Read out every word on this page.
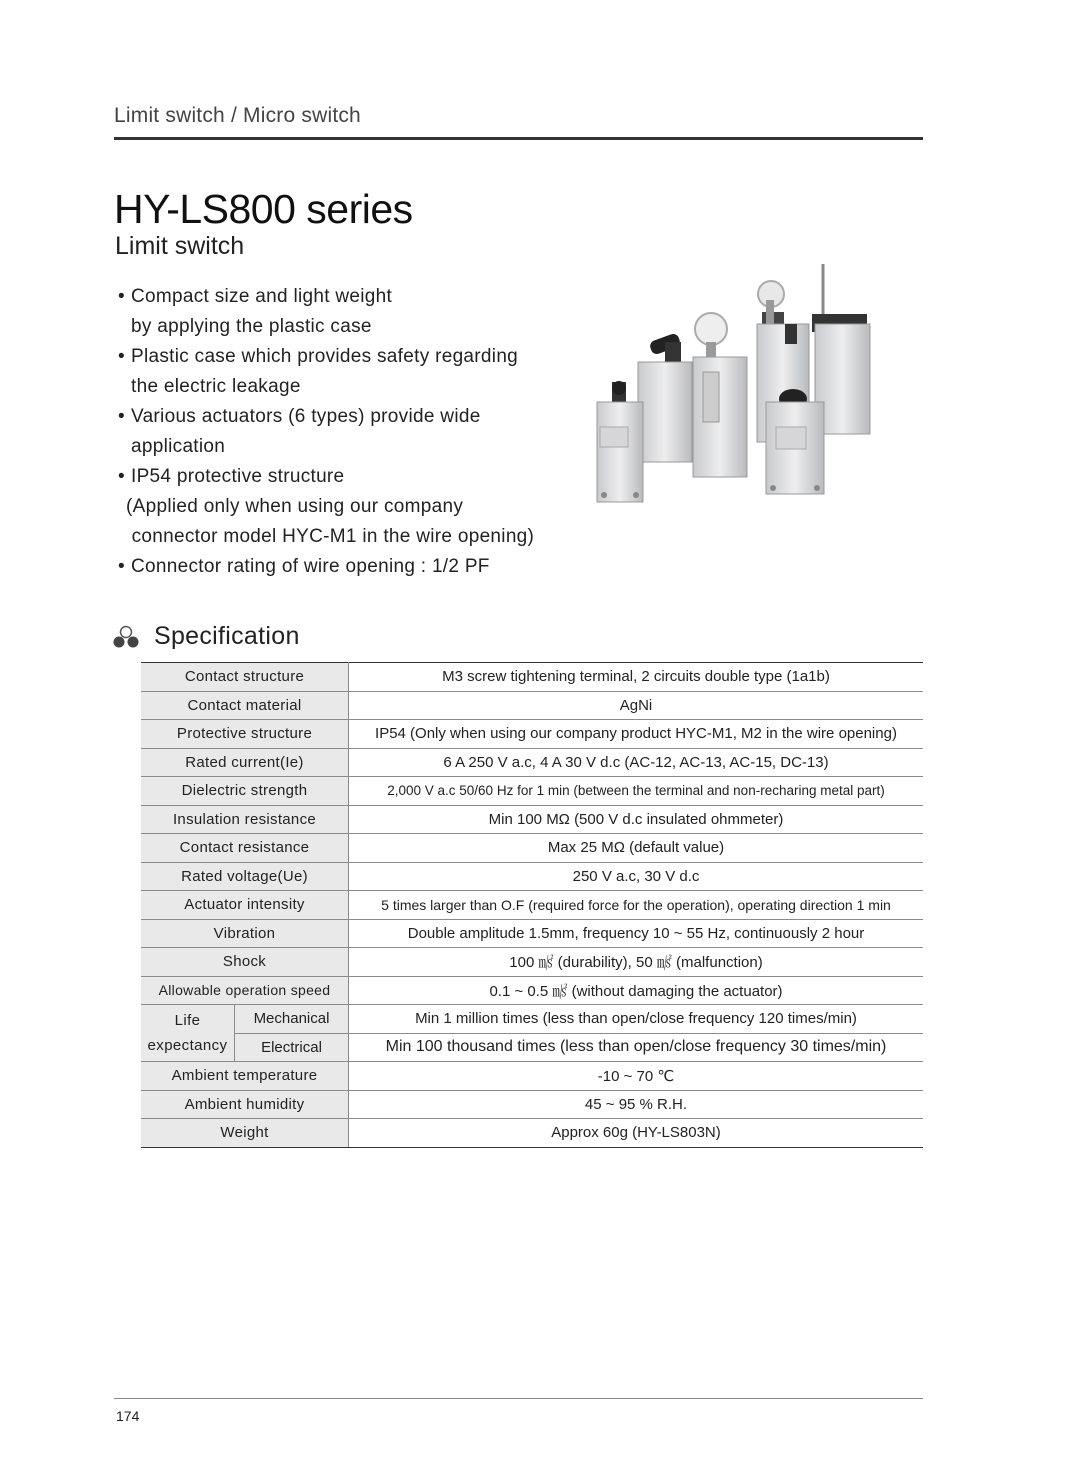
Limit switch / Micro switch
HY-LS800 series
Limit switch
• Compact size and light weight
by applying the plastic case
• Plastic case which provides safety regarding
the electric leakage
• Various actuators (6 types) provide wide
application
• IP54 protective structure
(Applied only when using our company
connector model HYC-M1 in the wire opening)
• Connector rating of wire opening : 1/2 PF
Specification
Contact structure		M3 screw tightening terminal, 2 circuits double type (1a1b)
Contact material		AgNi
Protective structure		IP54 (Only when using our company product HYC-M1, M2 in the wire opening)
Rated current(Ie)		6 A 250 V a.c, 4 A 30 V d.c (AC-12, AC-13, AC-15, DC-13)
Dielectric strength		2,000 V a.c 50/60 Hz for 1 min (between the terminal and non-recharing metal part)
Insulation resistance		Min 100 MΩ (500 V d.c insulated ohmmeter)
Contact resistance		Max 25 MΩ (default value)
Rated voltage(Ue)		250 V a.c, 30 V d.c
Actuator intensity		5 times larger than O.F (required force for the operation), operating direction 1 min
Vibration		Double amplitude 1.5mm, frequency 10 ~ 55 Hz, continuously 2 hour
Shock		100 ㎨ (durability), 50 ㎨ (malfunction)
Allowable operation speed		0.1 ~ 0.5 ㎨ (without damaging the actuator)
Life expectancy	Mechanical	Min 1 million times (less than open/close frequency 120 times/min)
	Electrical	Min 100 thousand times (less than open/close frequency 30 times/min)
Ambient temperature		-10 ~ 70 ℃
Ambient humidity		45 ~ 95 % R.H.
Weight		Approx 60g (HY-LS803N)
174
